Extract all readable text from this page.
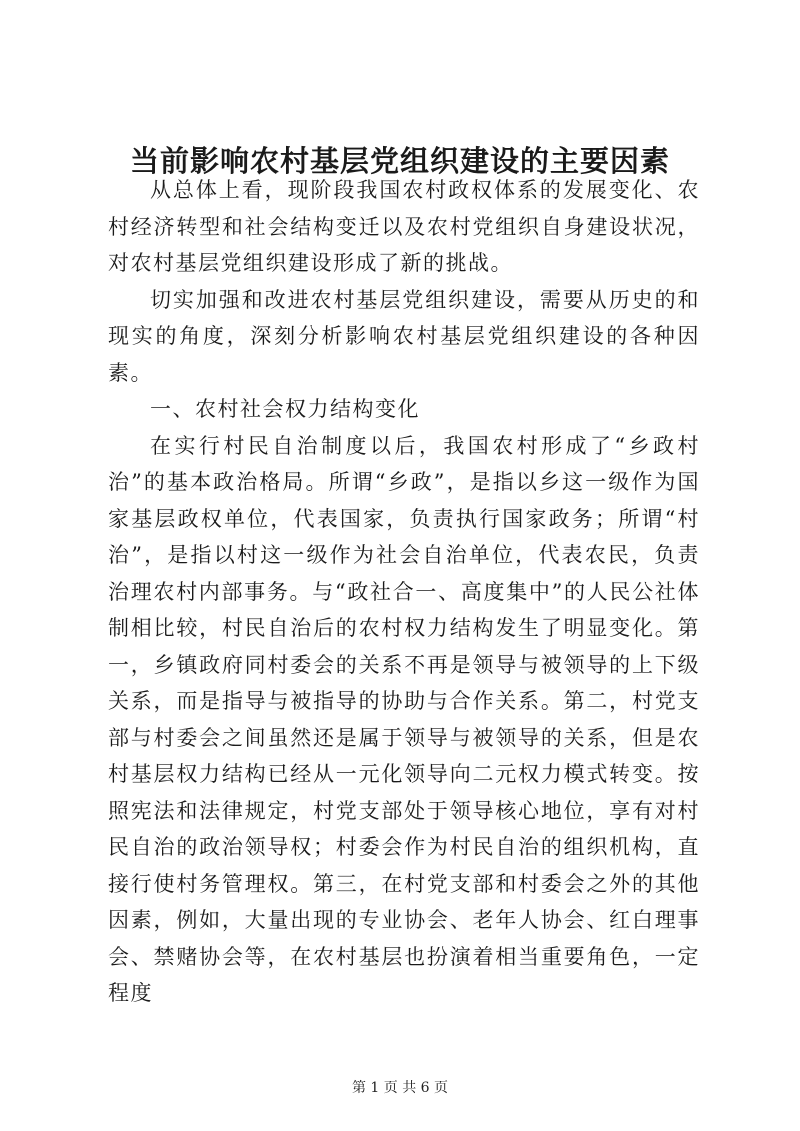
当前影响农村基层党组织建设的主要因素

从总体上看，现阶段我国农村政权体系的发展变化、农村经济转型和社会结构变迁以及农村党组织自身建设状况，对农村基层党组织建设形成了新的挑战。

切实加强和改进农村基层党组织建设，需要从历史的和现实的角度，深刻分析影响农村基层党组织建设的各种因素。

一、农村社会权力结构变化

在实行村民自治制度以后，我国农村形成了“乡政村治”的基本政治格局。所谓“乡政”，是指以乡这一级作为国家基层政权单位，代表国家，负责执行国家政务；所谓“村治”，是指以村这一级作为社会自治单位，代表农民，负责治理农村内部事务。与“政社合一、高度集中”的人民公社体制相比较，村民自治后的农村权力结构发生了明显变化。第一，乡镇政府同村委会的关系不再是领导与被领导的上下级关系，而是指导与被指导的协助与合作关系。第二，村党支部与村委会之间虽然还是属于领导与被领导的关系，但是农村基层权力结构已经从一元化领导向二元权力模式转变。按照宪法和法律规定，村党支部处于领导核心地位，享有对村民自治的政治领导权；村委会作为村民自治的组织机构，直接行使村务管理权。第三，在村党支部和村委会之外的其他因素，例如，大量出现的专业协会、老年人协会、红白理事会、禁赌协会等，在农村基层也扮演着相当重要角色，一定程度

第 1 页 共 6 页
